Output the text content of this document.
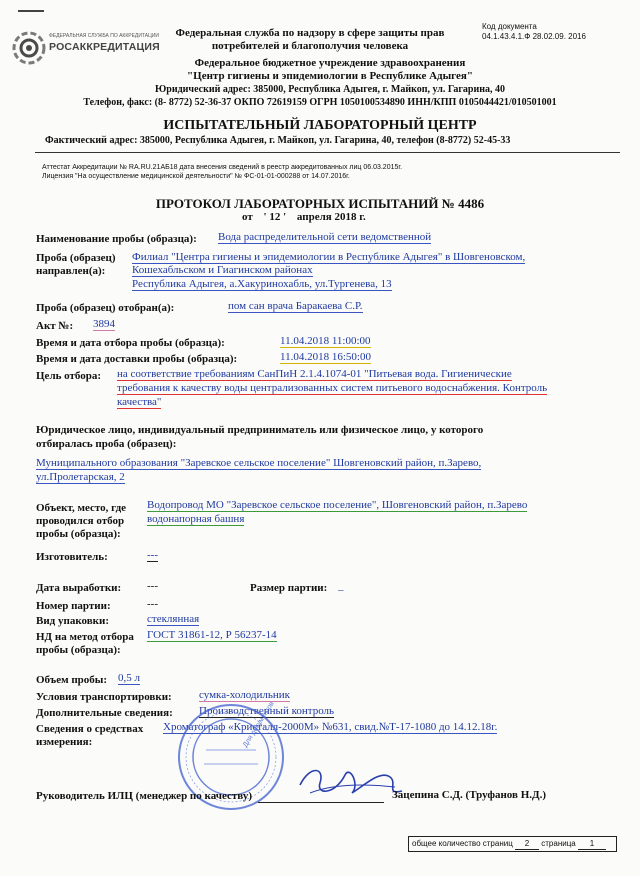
ФЕДЕРАЛЬНАЯ СЛУЖБА ПО АККРЕДИТАЦИИ
РОСАККРЕДИТАЦИЯ
Код документа
04.1.43.4.1.Ф 28.02.09. 2016
Федеральная служба по надзору в сфере защиты прав
потребителей и благополучия человека
Федеральное бюджетное учреждение здравоохранения
"Центр гигиены и эпидемиологии в Республике Адыгея"
Юридический адрес: 385000, Республика Адыгея, г. Майкоп, ул. Гагарина, 40
Телефон, факс: (8- 8772) 52-36-37 ОКПО 72619159 ОГРН 1050100534890 ИНН/КПП 0105044421/010501001
ИСПЫТАТЕЛЬНЫЙ ЛАБОРАТОРНЫЙ ЦЕНТР
Фактический адрес: 385000, Республика Адыгея, г. Майкоп, ул. Гагарина, 40, телефон (8-8772) 52-45-33
Аттестат Аккредитации № RA.RU.21АБ18 дата внесения сведений в реестр аккредитованных лиц 06.03.2015г.
Лицензия "На осуществление медицинской деятельности" № ФС-01-01-000288 от 14.07.2016г.
ПРОТОКОЛ ЛАБОРАТОРНЫХ ИСПЫТАНИЙ № 4486
от ' 12 ' апреля 2018 г.
Наименование пробы (образца): Вода распределительной сети ведомственной
Проба (образец)
направлен(а):
Филиал "Центра гигиены и эпидемиологии в Республике Адыгея" в Шовгеновском,
Кошехабльском и Гиагинском районах
Республика Адыгея, а.Хакуринохабль, ул.Тургенева, 13
Проба (образец) отобран(а):	пом сан врача Баракаева С.Р.
Акт №: 3894
Время и дата отбора пробы (образца):	11.04.2018 11:00:00
Время и дата доставки пробы (образца):	11.04.2018 16:50:00
Цель отбора: на соответствие требованиям СанПиН 2.1.4.1074-01 "Питьевая вода. Гигиенические
требования к качеству воды централизованных систем питьевого водоснабжения. Контроль
качества"
Юридическое лицо, индивидуальный предприниматель или физическое лицо, у которого
отбиралась проба (образец):
Муниципального образования "Заревское сельское поселение" Шовгеновский район, п.Зарево,
ул.Пролетарская, 2
Объект, место, где
проводился отбор
пробы (образца):
Водопровод МО "Заревское сельское поселение", Шовгеновский район, п.Зарево
водонапорная башня
Изготовитель:	---
Дата выработки: ---	Размер партии: _
Номер партии:	---
Вид упаковки:	стеклянная
НД на метод отбора
пробы (образца):
ГОСТ 31861-12, Р 56237-14
Объем пробы: 0,5 л
Условия транспортировки: сумка-холодильник
Дополнительные сведения: Производственный контроль
Сведения о средствах
измерения:
Хроматограф «Кристалл-2000М» №631, свид.№Т-17-1080 до 14.12.18г.
Для документов
Руководитель ИЛЦ (менеджер по качеству)	Зацепина С.Д. (Труфанов Н.Д.)
общее количество страниц 2 страница 1
